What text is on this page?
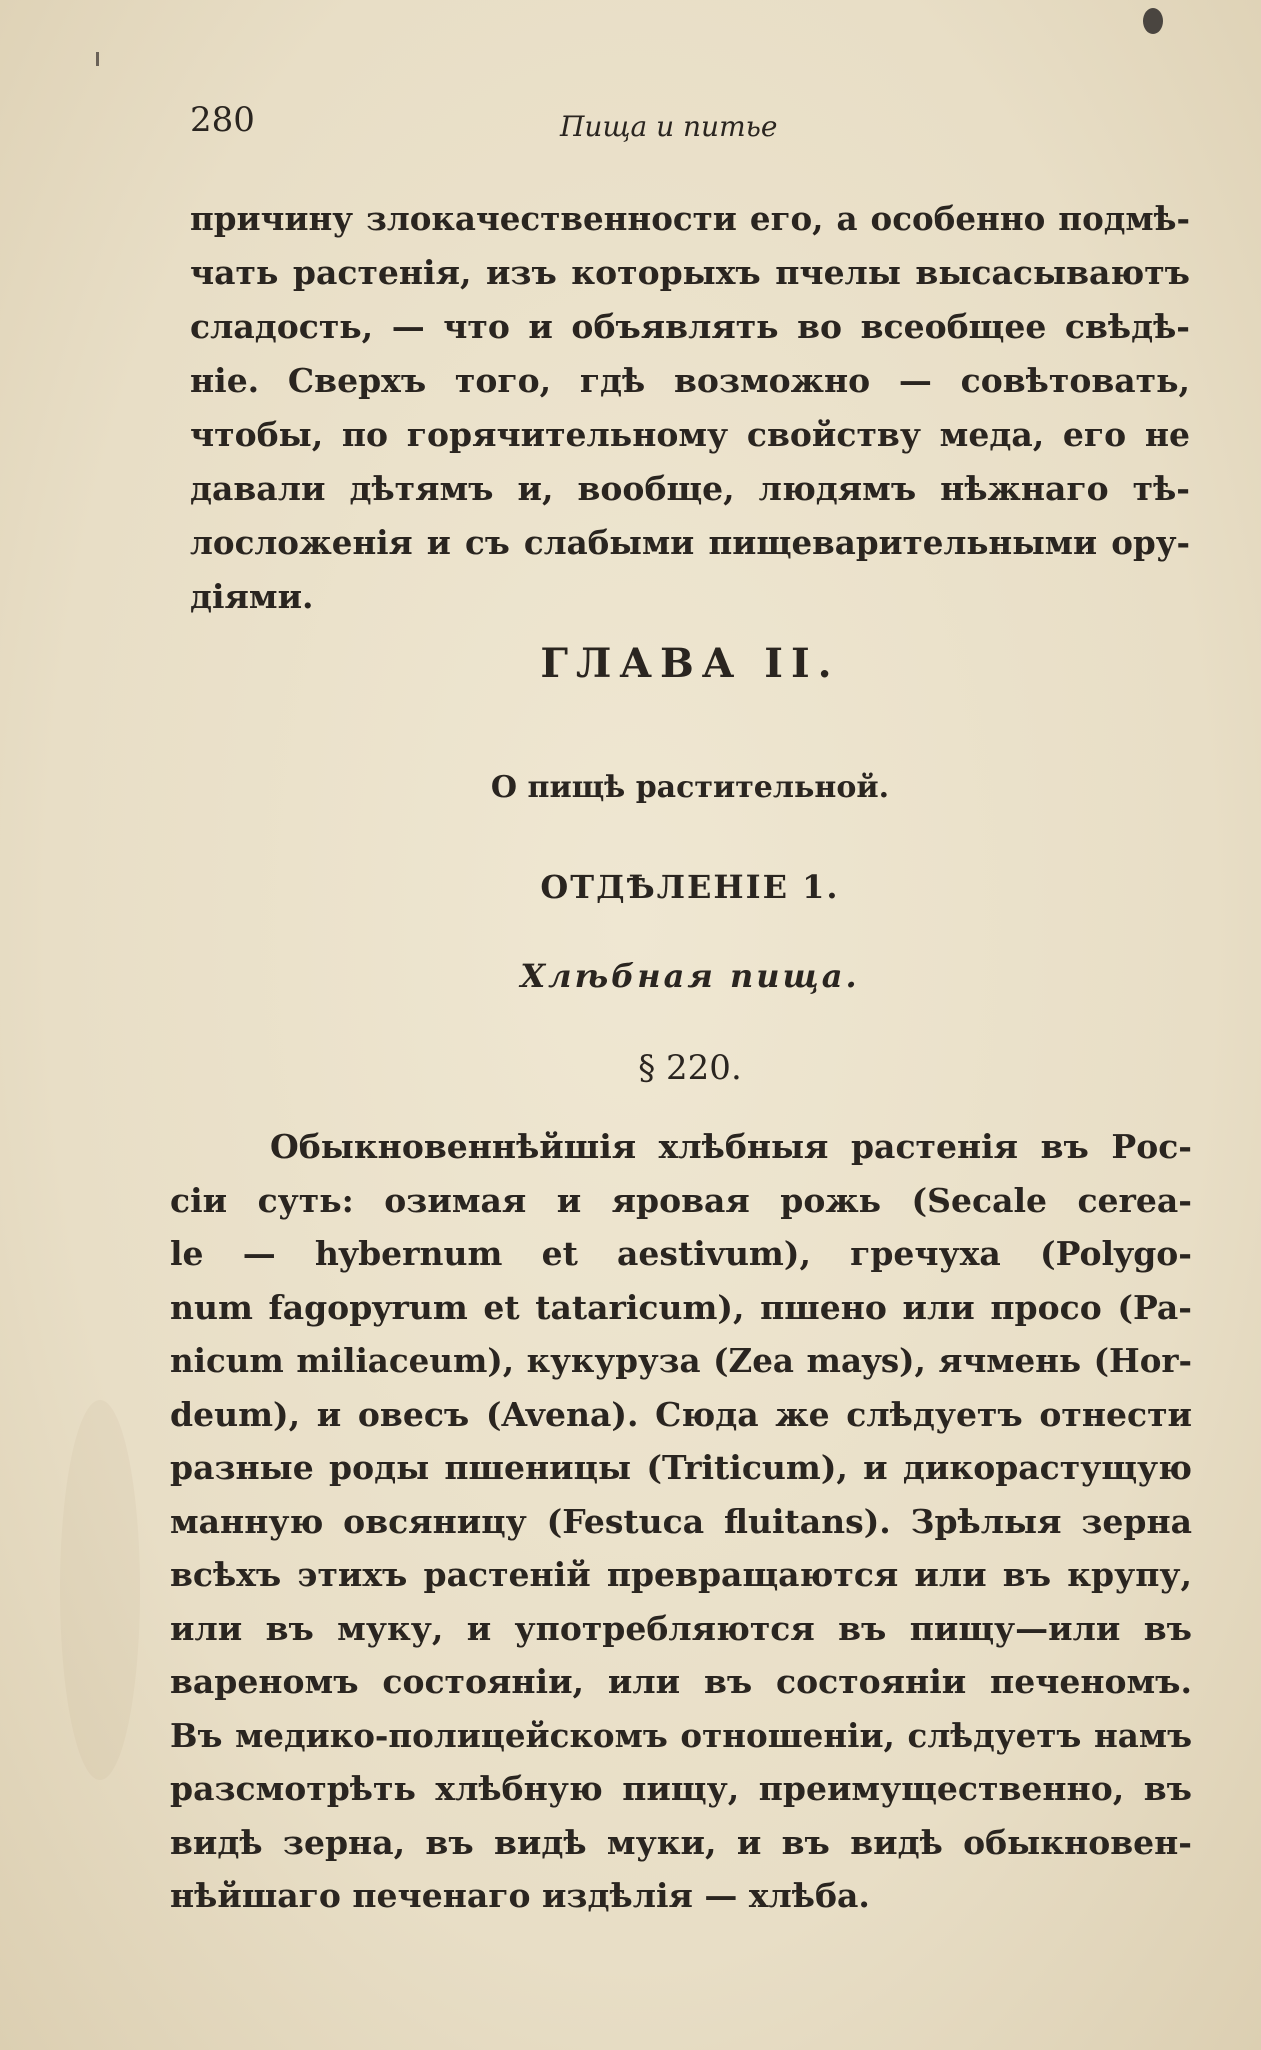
280	Пища и питье

причину злокачественности его, а особенно подмѣ-
чать растенія, изъ которыхъ пчелы высасываютъ
сладость, — что и объявлять во всеобщее свѣдѣ-
ніе. Сверхъ того, гдѣ возможно — совѣтовать,
чтобы, по горячительному свойству меда, его не
давали дѣтямъ и, вообще, людямъ нѣжнаго тѣ-
лосложенія и съ слабыми пищеварительными ору-
діями.

ГЛАВА II.
О пищѣ растительной.
ОТДѢЛЕНІЕ 1.
Хлѣбная пища.
§ 220.

Обыкновеннѣйшія хлѣбныя растенія въ Рос-
сіи суть: озимая и яровая рожь (Secale cerea-
le — hybernum et aestivum), гречуха (Polygo-
num fagopyrum et tataricum), пшено или просо (Pa-
nicum miliaceum), кукуруза (Zea mays), ячмень (Hor-
deum), и овесъ (Avena). Сюда же слѣдуетъ отнести
разные роды пшеницы (Triticum), и дикорастущую
манную овсяницу (Festuca fluitans). Зрѣлыя зерна
всѣхъ этихъ растеній превращаются или въ крупу,
или въ муку, и употребляются въ пищу—или въ
вареномъ состояніи, или въ состояніи печеномъ.
Въ медико-полицейскомъ отношеніи, слѣдуетъ намъ
разсмотрѣть хлѣбную пищу, преимущественно, въ
видѣ зерна, въ видѣ муки, и въ видѣ обыкновен-
нѣйшаго печенаго издѣлія — хлѣба.
